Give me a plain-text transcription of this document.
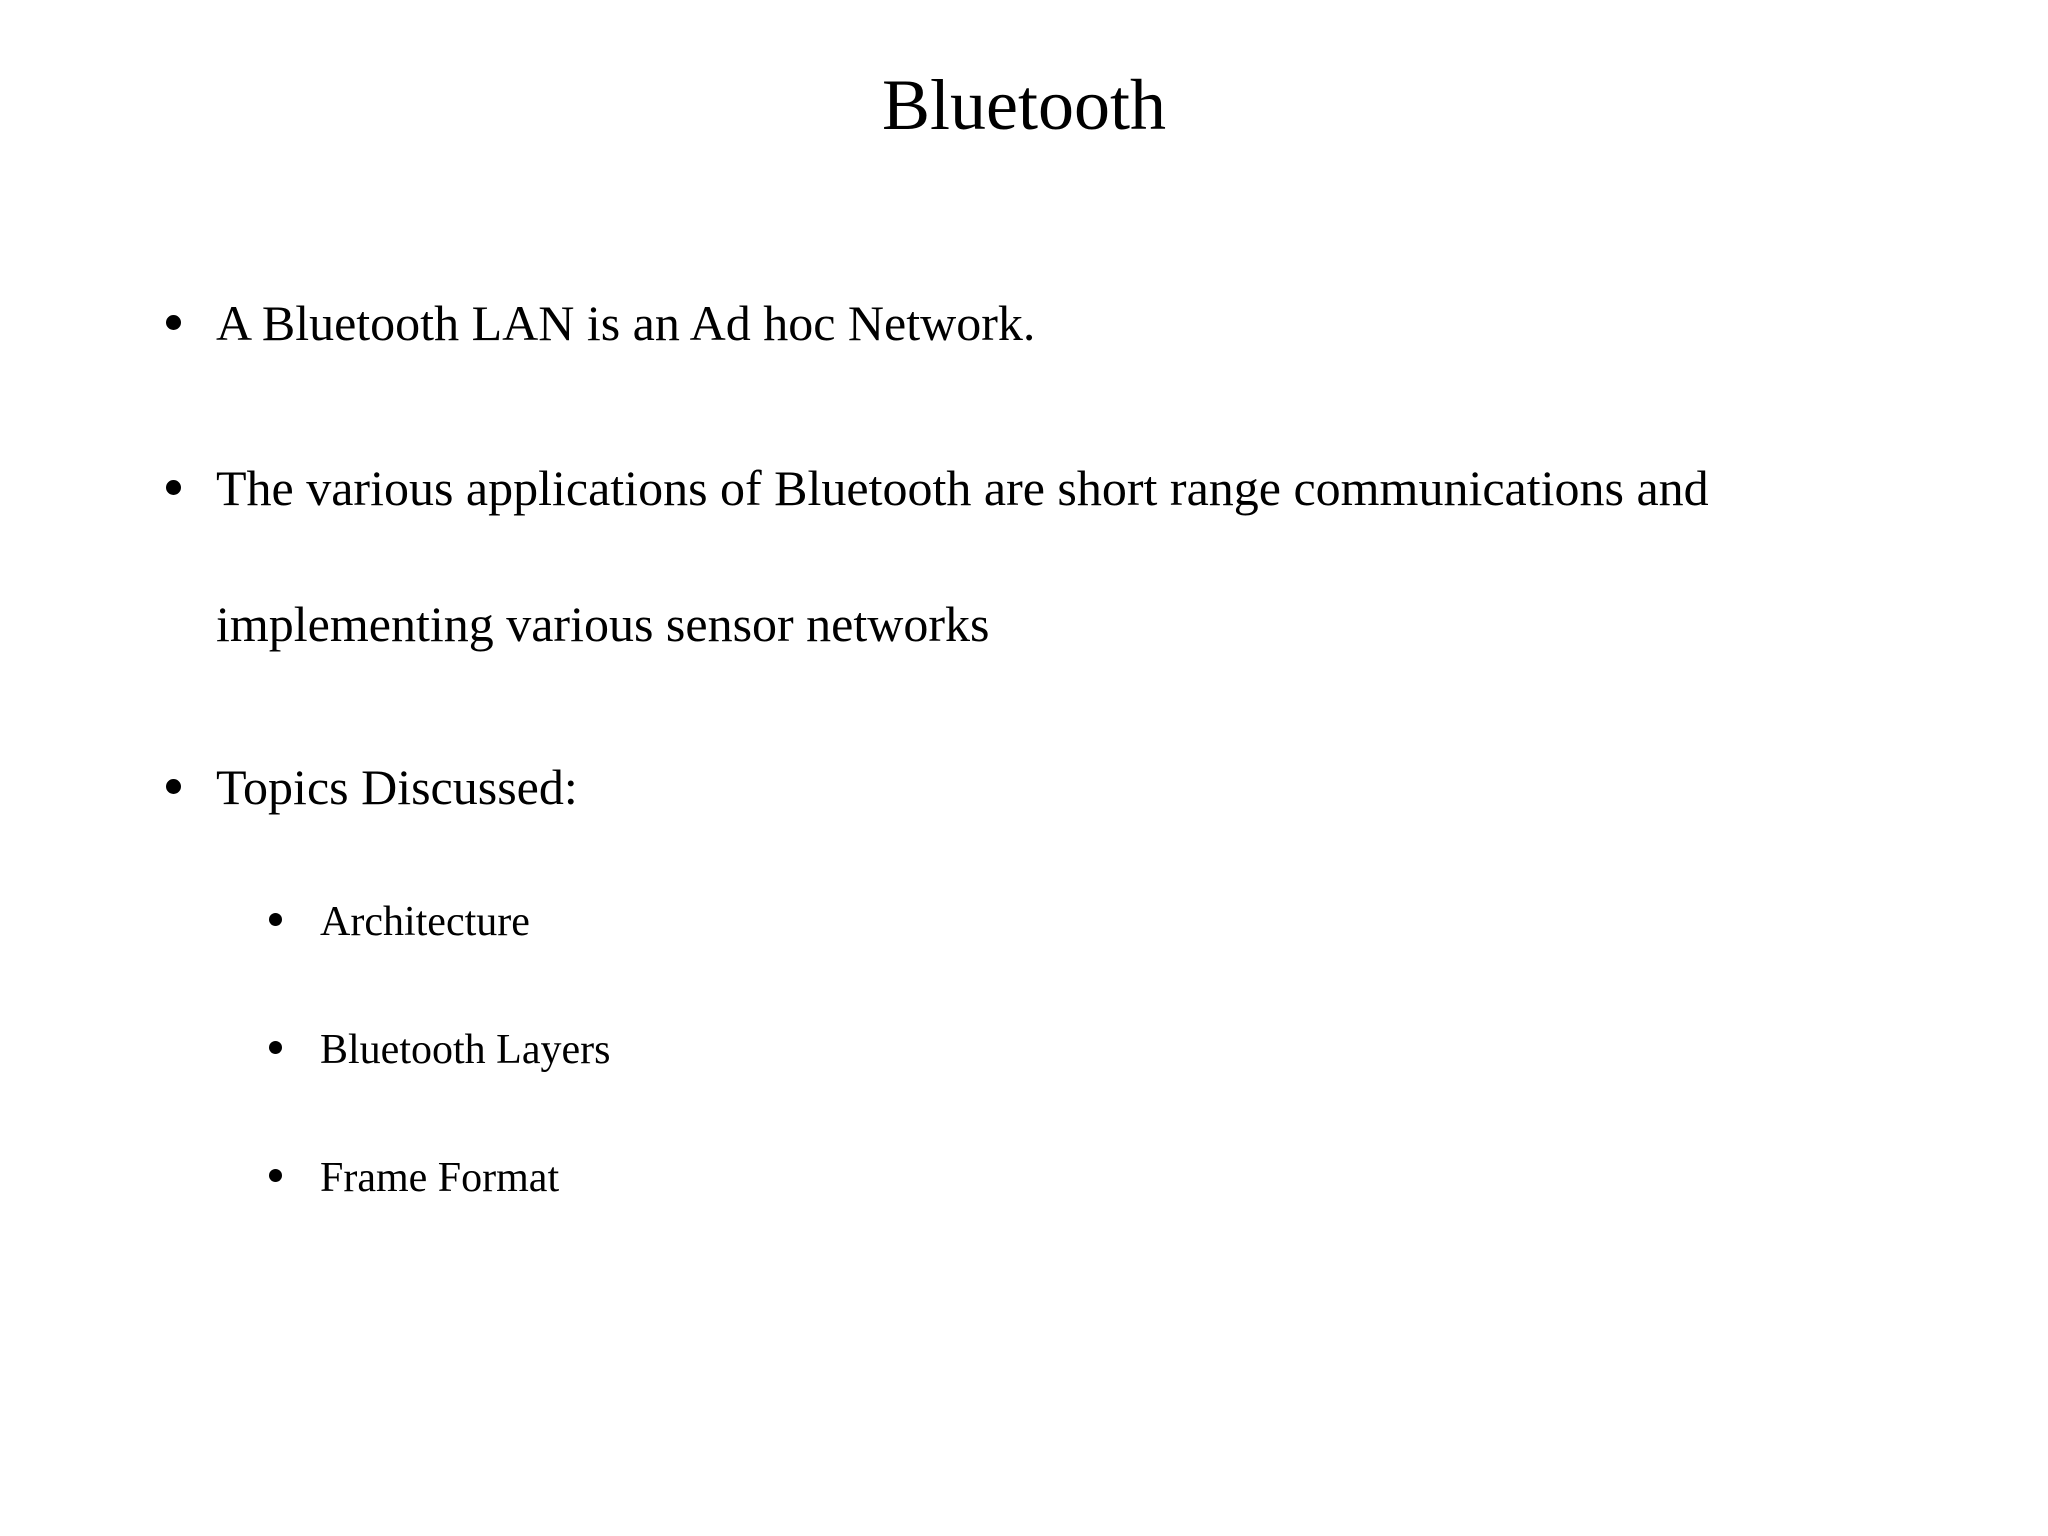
Bluetooth

A Bluetooth LAN is an Ad hoc Network.

The various applications of Bluetooth are short range communications and
implementing various sensor networks

Topics Discussed:

Architecture

Bluetooth Layers

Frame Format
